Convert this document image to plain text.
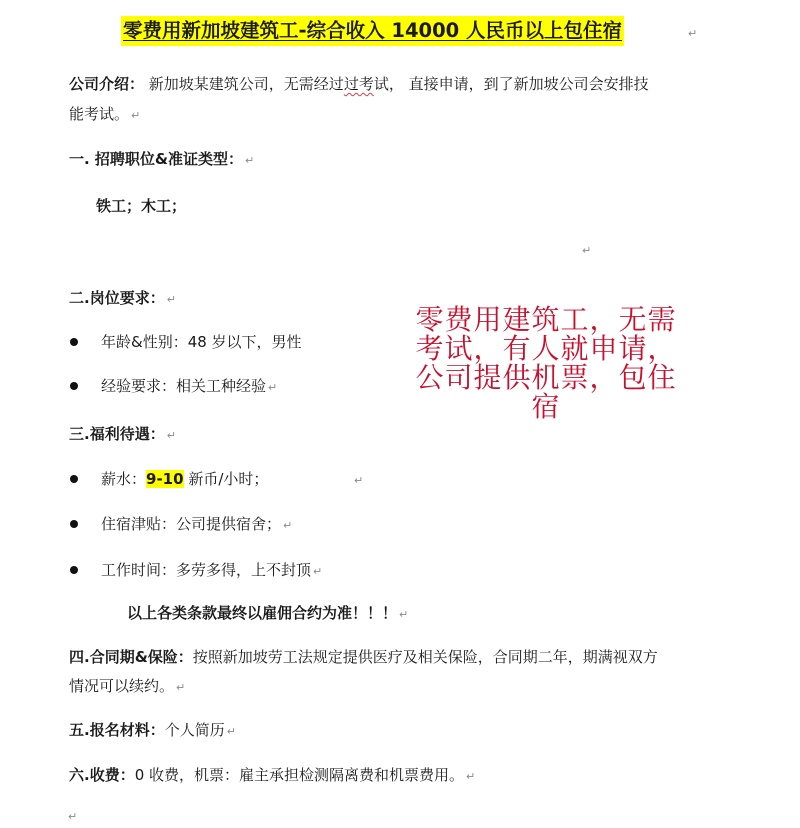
零费用新加坡建筑工-综合收入 14000 人民币以上包住宿	↵
公司介绍： 新加坡某建筑公司，无需经过过考试， 直接申请，到了新加坡公司会安排技
能考试。 ↵
一. 招聘职位&准证类型： ↵
铁工；木工；
↵
二.岗位要求： ↵
年龄&性别：48 岁以下，男性
经验要求：相关工种经验 ↵
三.福利待遇： ↵
薪水：9-10 新币/小时；	↵
住宿津贴：公司提供宿舍； ↵
工作时间：多劳多得，上不封顶 ↵
以上各类条款最终以雇佣合约为准！！！ ↵
四.合同期&保险：按照新加坡劳工法规定提供医疗及相关保险，合同期二年，期满视双方
情况可以续约。 ↵
五.报名材料：个人简历 ↵
六.收费：0 收费，机票：雇主承担检测隔离费和机票费用。 ↵
↵
零费用建筑工，无需
考试，有人就申请，
公司提供机票，包住
宿
